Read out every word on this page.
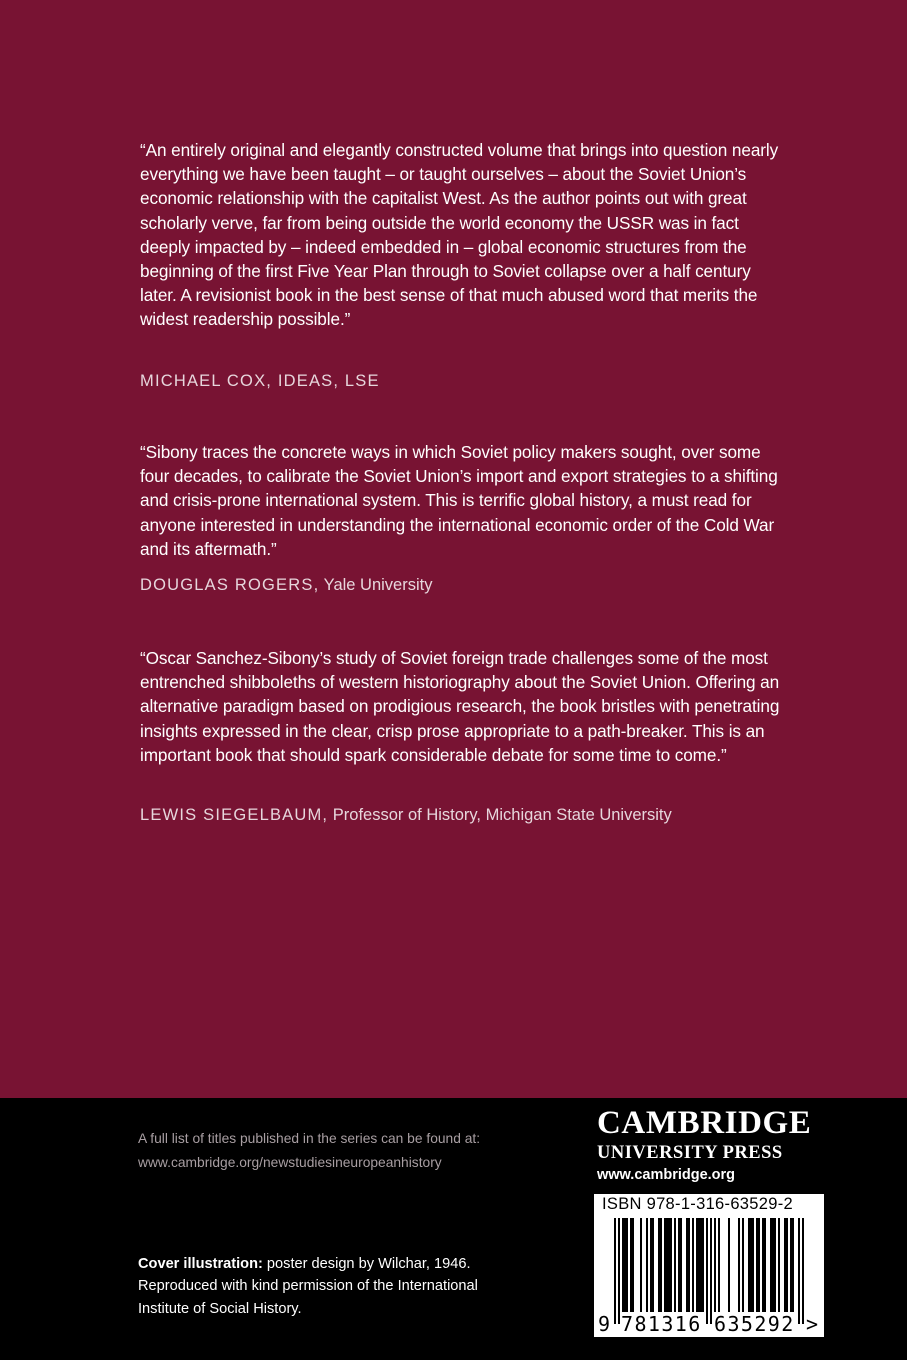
“An entirely original and elegantly constructed volume that brings into question nearly everything we have been taught – or taught ourselves – about the Soviet Union’s economic relationship with the capitalist West. As the author points out with great scholarly verve, far from being outside the world economy the USSR was in fact deeply impacted by – indeed embedded in – global economic structures from the beginning of the first Five Year Plan through to Soviet collapse over a half century later. A revisionist book in the best sense of that much abused word that merits the widest readership possible.”

MICHAEL COX, IDEAS, LSE

“Sibony traces the concrete ways in which Soviet policy makers sought, over some four decades, to calibrate the Soviet Union’s import and export strategies to a shifting and crisis-prone international system. This is terrific global history, a must read for anyone interested in understanding the international economic order of the Cold War and its aftermath.”

DOUGLAS ROGERS, Yale University

“Oscar Sanchez-Sibony’s study of Soviet foreign trade challenges some of the most entrenched shibboleths of western historiography about the Soviet Union. Offering an alternative paradigm based on prodigious research, the book bristles with penetrating insights expressed in the clear, crisp prose appropriate to a path-breaker. This is an important book that should spark considerable debate for some time to come.”

LEWIS SIEGELBAUM, Professor of History, Michigan State University

A full list of titles published in the series can be found at:
www.cambridge.org/newstudiesineuropeanhistory

Cover illustration: poster design by Wilchar, 1946. Reproduced with kind permission of the International Institute of Social History.

CAMBRIDGE
UNIVERSITY PRESS
www.cambridge.org
ISBN 978-1-316-63529-2
9 781316 635292 >
